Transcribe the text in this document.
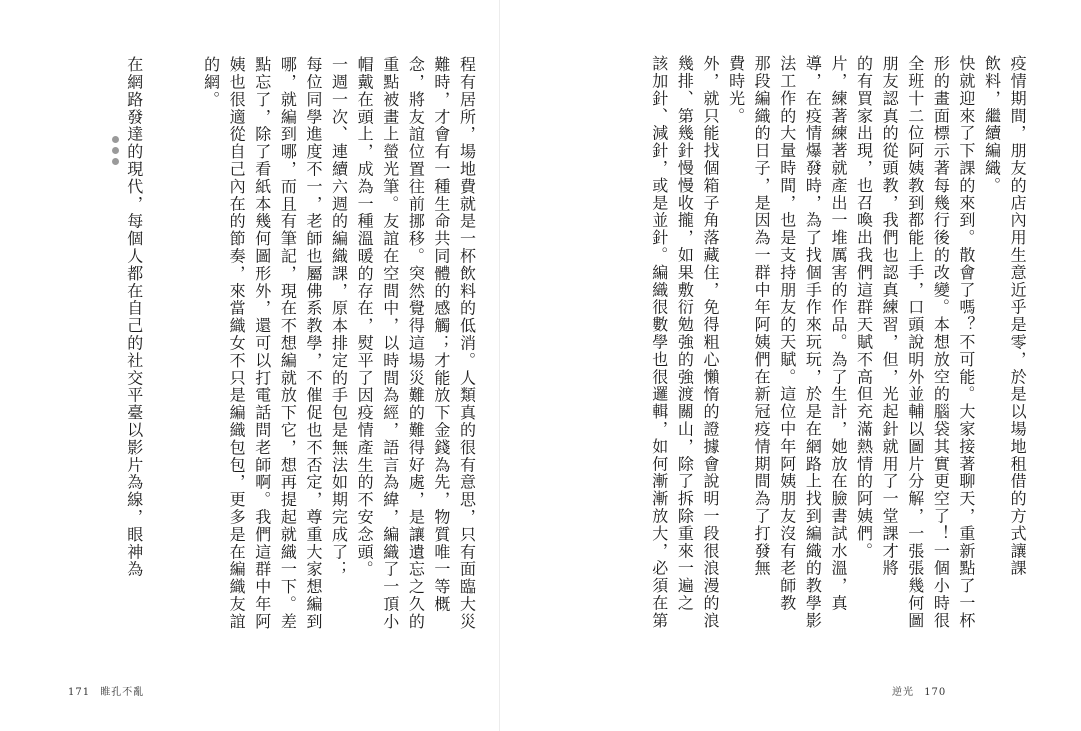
程有居所，場地費就是一杯飲料的低消。人類真的很有意思，只有面臨大災
難時，才會有一種生命共同體的感觸；才能放下金錢為先，物質唯一等概
念，將友誼位置往前挪移。突然覺得這場災難的難得好處，是讓遺忘之久的
重點被畫上螢光筆。友誼在空間中，以時間為經，語言為緯，編織了一頂小
帽戴在頭上，成為一種溫暖的存在，熨平了因疫情產生的不安念頭。
一週一次、連續六週的編織課，原本排定的手包是無法如期完成了；
每位同學進度不一，老師也屬佛系教學，不催促也不否定，尊重大家想編到
哪，就編到哪，而且有筆記，現在不想編就放下它，想再提起就織一下。差
點忘了，除了看紙本幾何圖形外，還可以打電話問老師啊。我們這群中年阿
姨也很適從自己內在的節奏，來當織女不只是編織包包，更多是在編織友誼
的網。

在網路發達的現代，每個人都在自己的社交平臺以影片為線，眼神為

171 睢孔不亂

疫情期間，朋友的店內用生意近乎是零，於是以場地租借的方式讓課
飲料，繼續編織。
快就迎來了下課的來到。散會了嗎？不可能。大家接著聊天，重新點了一杯
形的畫面標示著每幾行後的改變。本想放空的腦袋其實更空了！一個小時很
全班十二位阿姨教到都能上手，口頭說明外並輔以圖片分解，一張張幾何圖
朋友認真的從頭教，我們也認真練習，但，光起針就用了一堂課才將
的有買家出現，也召喚出我們這群天賦不高但充滿熱情的阿姨們。
片，練著練著就產出一堆厲害的作品。為了生計，她放在臉書試水溫，真
導，在疫情爆發時，為了找個手作來玩玩，於是在網路上找到編織的教學影
法工作的大量時間，也是支持朋友的天賦。這位中年阿姨朋友沒有老師教
那段編織的日子，是因為一群中年阿姨們在新冠疫情期間為了打發無
費時光。
外，就只能找個箱子角落藏住，免得粗心懶惰的證據會說明一段很浪漫的浪
幾排、第幾針慢慢收攏，如果敷衍勉強的強渡關山，除了拆除重來一遍之
該加針、減針，或是並針。編織很數學也很邏輯，如何漸漸放大，必須在第

逆光 170
